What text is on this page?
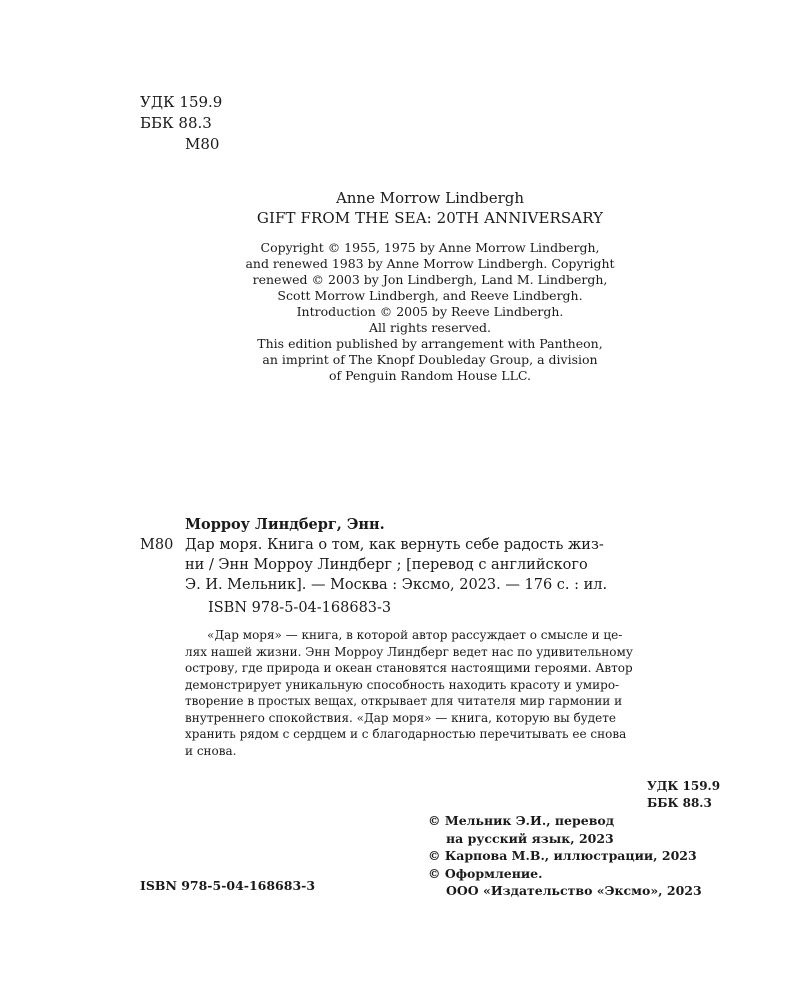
УДК 159.9
ББК 88.3
М80
Anne Morrow Lindbergh
GIFT FROM THE SEA: 20TH ANNIVERSARY
Copyright © 1955, 1975 by Anne Morrow Lindbergh,
and renewed 1983 by Anne Morrow Lindbergh. Copyright
renewed © 2003 by Jon Lindbergh, Land M. Lindbergh,
Scott Morrow Lindbergh, and Reeve Lindbergh.
Introduction © 2005 by Reeve Lindbergh.
All rights reserved.
This edition published by arrangement with Pantheon,
an imprint of The Knopf Doubleday Group, a division
of Penguin Random House LLC.
Морроу Линдберг, Энн.
М80 Дар моря. Книга о том, как вернуть себе радость жиз-
ни / Энн Морроу Линдберг ; [перевод с английского
Э. И. Мельник]. — Москва : Эксмо, 2023. — 176 с. : ил.
ISBN 978-5-04-168683-3
«Дар моря» — книга, в которой автор рассуждает о смысле и це-
лях нашей жизни. Энн Морроу Линдберг ведет нас по удивительному
острову, где природа и океан становятся настоящими героями. Автор
демонстрирует уникальную способность находить красоту и умиро-
творение в простых вещах, открывает для читателя мир гармонии и
внутреннего спокойствия. «Дар моря» — книга, которую вы будете
хранить рядом с сердцем и с благодарностью перечитывать ее снова
и снова.
УДК 159.9
ББК 88.3
© Мельник Э.И., перевод
на русский язык, 2023
© Карпова М.В., иллюстрации, 2023
© Оформление.
ООО «Издательство «Эксмо», 2023
ISBN 978-5-04-168683-3
